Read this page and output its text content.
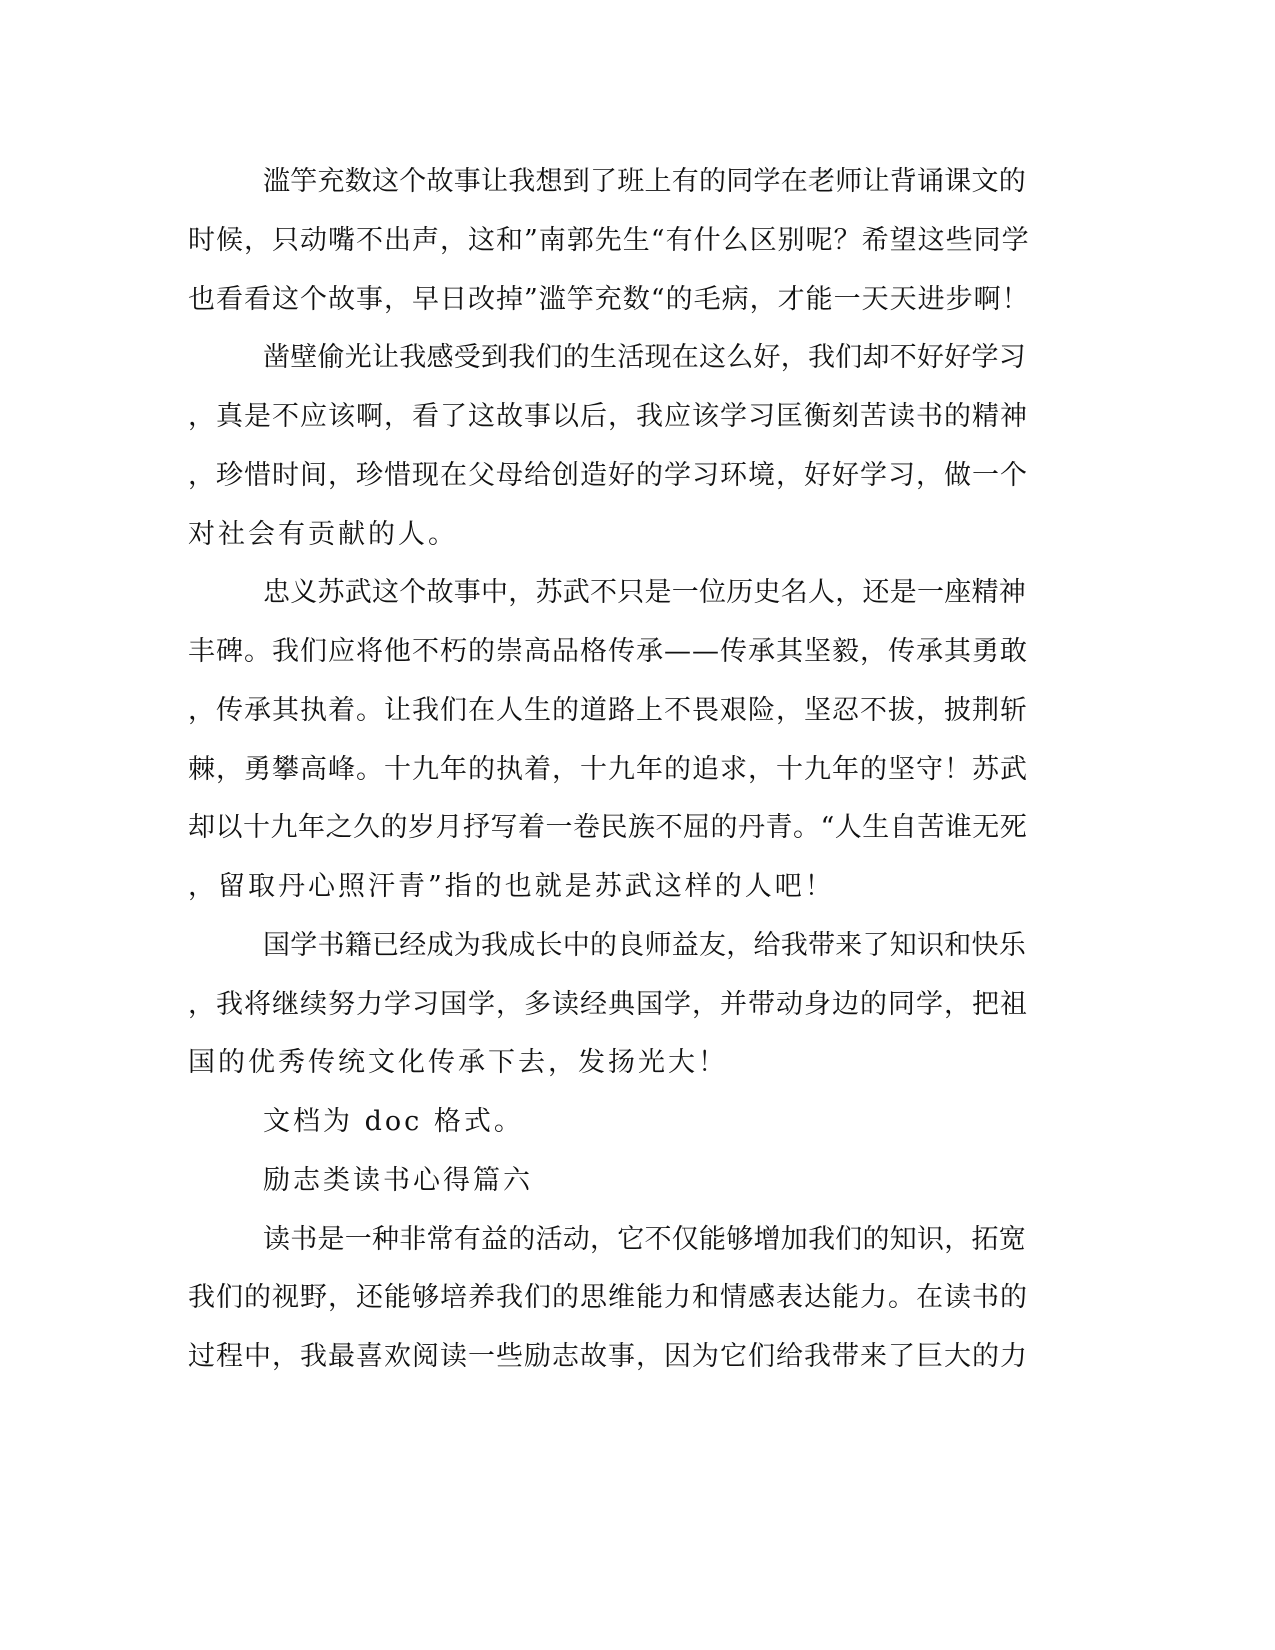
滥竽充数这个故事让我想到了班上有的同学在老师让背诵课文的
时候，只动嘴不出声，这和”南郭先生“有什么区别呢？希望这些同学
也看看这个故事，早日改掉”滥竽充数“的毛病，才能一天天进步啊！
凿壁偷光让我感受到我们的生活现在这么好，我们却不好好学习
，真是不应该啊，看了这故事以后，我应该学习匡衡刻苦读书的精神
，珍惜时间，珍惜现在父母给创造好的学习环境，好好学习，做一个
对社会有贡献的人。
忠义苏武这个故事中，苏武不只是一位历史名人，还是一座精神
丰碑。我们应将他不朽的崇高品格传承——传承其坚毅，传承其勇敢
，传承其执着。让我们在人生的道路上不畏艰险，坚忍不拔，披荆斩
棘，勇攀高峰。十九年的执着，十九年的追求，十九年的坚守！苏武
却以十九年之久的岁月抒写着一卷民族不屈的丹青。“人生自苦谁无死
，留取丹心照汗青”指的也就是苏武这样的人吧！
国学书籍已经成为我成长中的良师益友，给我带来了知识和快乐
，我将继续努力学习国学，多读经典国学，并带动身边的同学，把祖
国的优秀传统文化传承下去，发扬光大！
文档为 doc 格式。
励志类读书心得篇六
读书是一种非常有益的活动，它不仅能够增加我们的知识，拓宽
我们的视野，还能够培养我们的思维能力和情感表达能力。在读书的
过程中，我最喜欢阅读一些励志故事，因为它们给我带来了巨大的力
